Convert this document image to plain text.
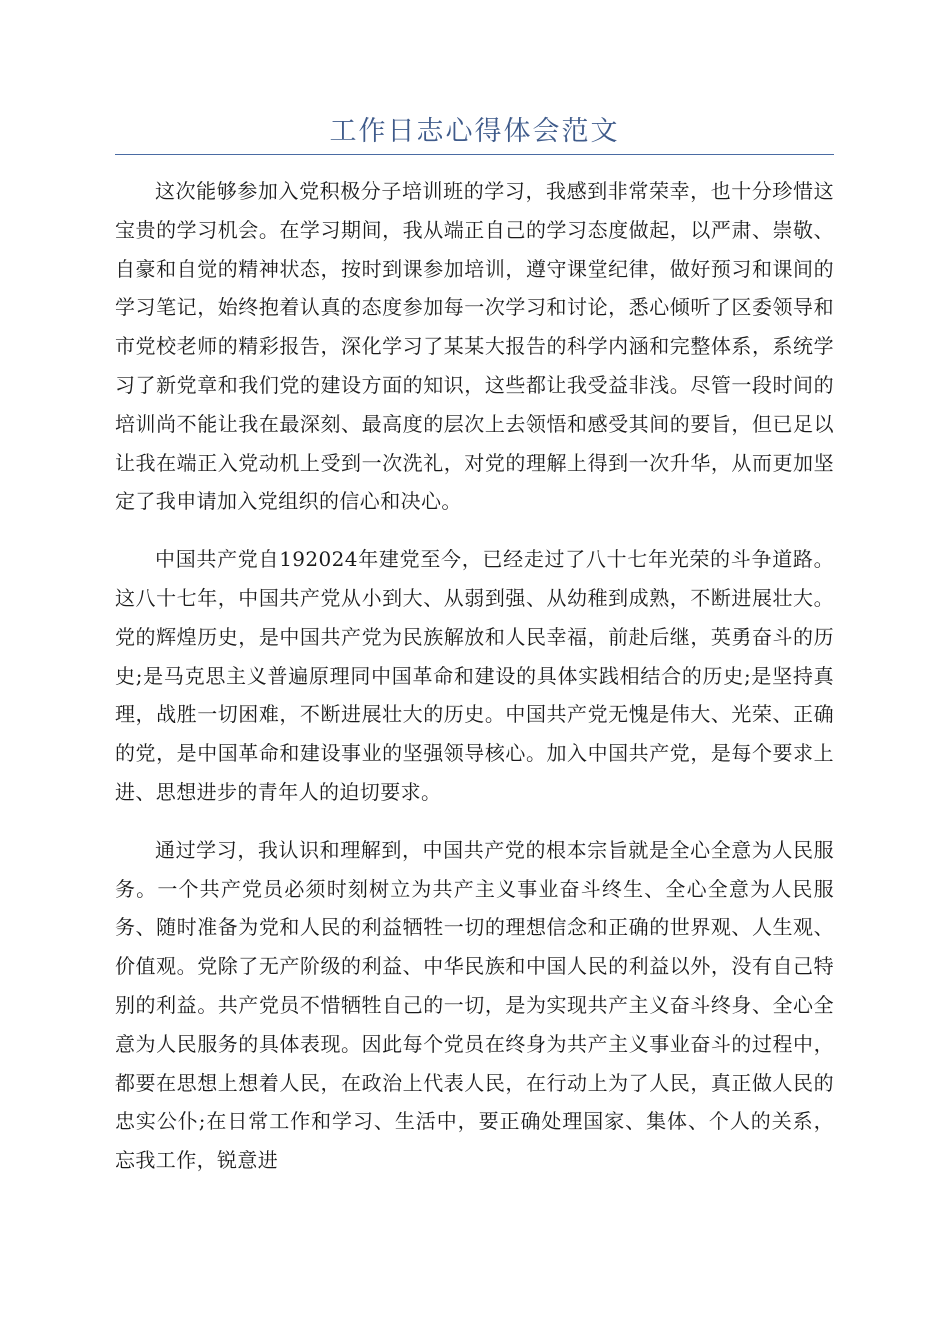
工作日志心得体会范文

这次能够参加入党积极分子培训班的学习，我感到非常荣幸，也十分珍惜这宝贵的学习机会。在学习期间，我从端正自己的学习态度做起，以严肃、崇敬、自豪和自觉的精神状态，按时到课参加培训，遵守课堂纪律，做好预习和课间的学习笔记，始终抱着认真的态度参加每一次学习和讨论，悉心倾听了区委领导和市党校老师的精彩报告，深化学习了某某大报告的科学内涵和完整体系，系统学习了新党章和我们党的建设方面的知识，这些都让我受益非浅。尽管一段时间的培训尚不能让我在最深刻、最高度的层次上去领悟和感受其间的要旨，但已足以让我在端正入党动机上受到一次洗礼，对党的理解上得到一次升华，从而更加坚定了我申请加入党组织的信心和决心。

中国共产党自192024年建党至今，已经走过了八十七年光荣的斗争道路。这八十七年，中国共产党从小到大、从弱到强、从幼稚到成熟，不断进展壮大。党的辉煌历史，是中国共产党为民族解放和人民幸福，前赴后继，英勇奋斗的历史;是马克思主义普遍原理同中国革命和建设的具体实践相结合的历史;是坚持真理，战胜一切困难，不断进展壮大的历史。中国共产党无愧是伟大、光荣、正确的党，是中国革命和建设事业的坚强领导核心。加入中国共产党，是每个要求上进、思想进步的青年人的迫切要求。

通过学习，我认识和理解到，中国共产党的根本宗旨就是全心全意为人民服务。一个共产党员必须时刻树立为共产主义事业奋斗终生、全心全意为人民服务、随时准备为党和人民的利益牺牲一切的理想信念和正确的世界观、人生观、价值观。党除了无产阶级的利益、中华民族和中国人民的利益以外，没有自己特别的利益。共产党员不惜牺牲自己的一切，是为实现共产主义奋斗终身、全心全意为人民服务的具体表现。因此每个党员在终身为共产主义事业奋斗的过程中，都要在思想上想着人民，在政治上代表人民，在行动上为了人民，真正做人民的忠实公仆;在日常工作和学习、生活中，要正确处理国家、集体、个人的关系，忘我工作，锐意进
